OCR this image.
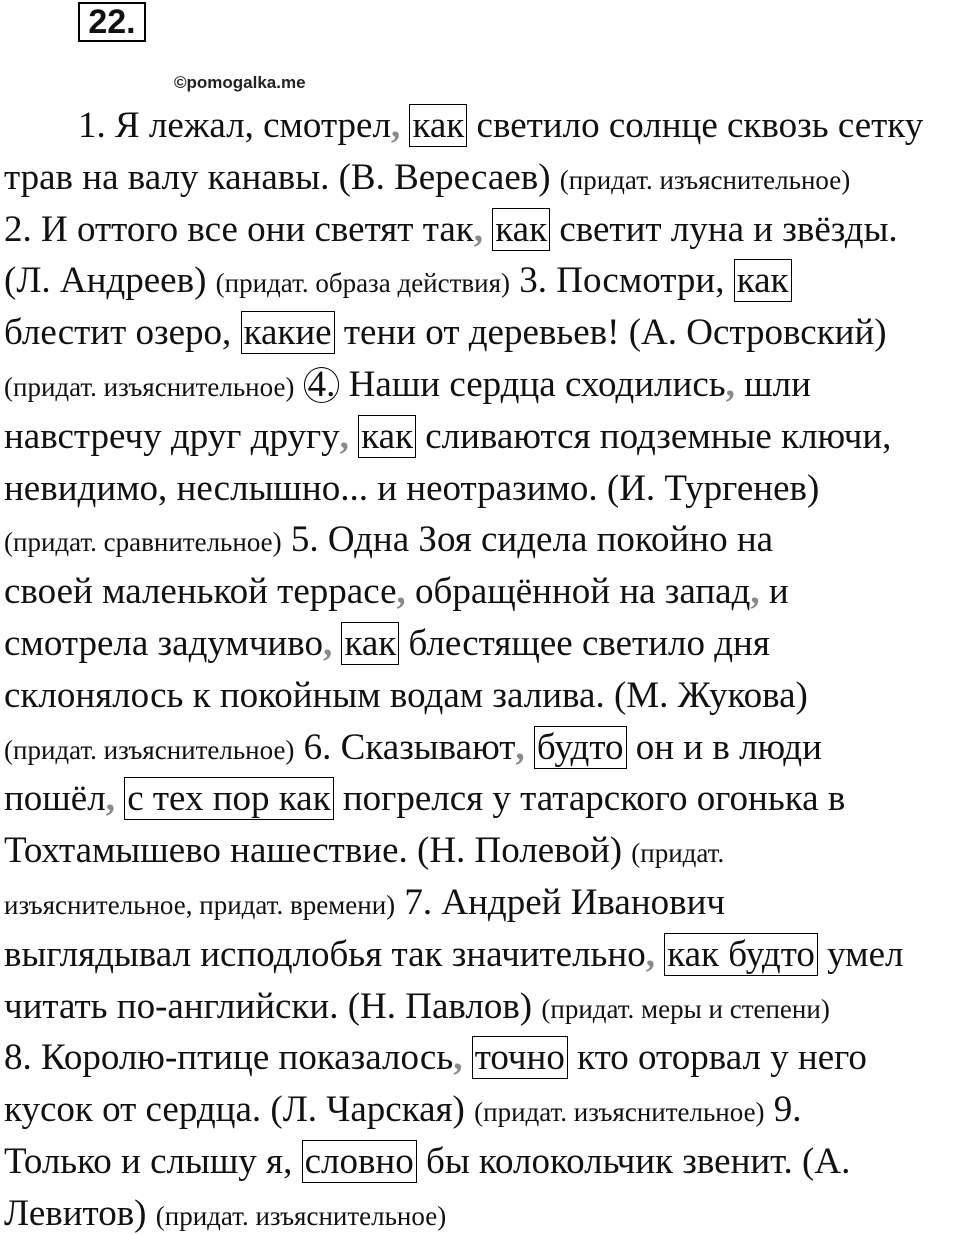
22.
©pomogalka.me
1. Я лежал, смотрел, как светило солнце сквозь сетку
трав на валу канавы. (В. Вересаев) (придат. изъяснительное)
2. И оттого все они светят так, как светит луна и звёзды.
(Л. Андреев) (придат. образа действия) 3. Посмотри, как
блестит озеро, какие тени от деревьев! (А. Островский)
(придат. изъяснительное) 4. Наши сердца сходились, шли
навстречу друг другу, как сливаются подземные ключи,
невидимо, неслышно... и неотразимо. (И. Тургенев)
(придат. сравнительное) 5. Одна Зоя сидела покойно на
своей маленькой террасе, обращённой на запад, и
смотрела задумчиво, как блестящее светило дня
склонялось к покойным водам залива. (М. Жукова)
(придат. изъяснительное) 6. Сказывают, будто он и в люди
пошёл, с тех пор как погрелся у татарского огонька в
Тохтамышево нашествие. (Н. Полевой) (придат.
изъяснительное, придат. времени) 7. Андрей Иванович
выглядывал исподлобья так значительно, как будто умел
читать по-английски. (Н. Павлов) (придат. меры и степени)
8. Королю-птице показалось, точно кто оторвал у него
кусок от сердца. (Л. Чарская) (придат. изъяснительное) 9.
Только и слышу я, словно бы колокольчик звенит. (А.
Левитов) (придат. изъяснительное)
